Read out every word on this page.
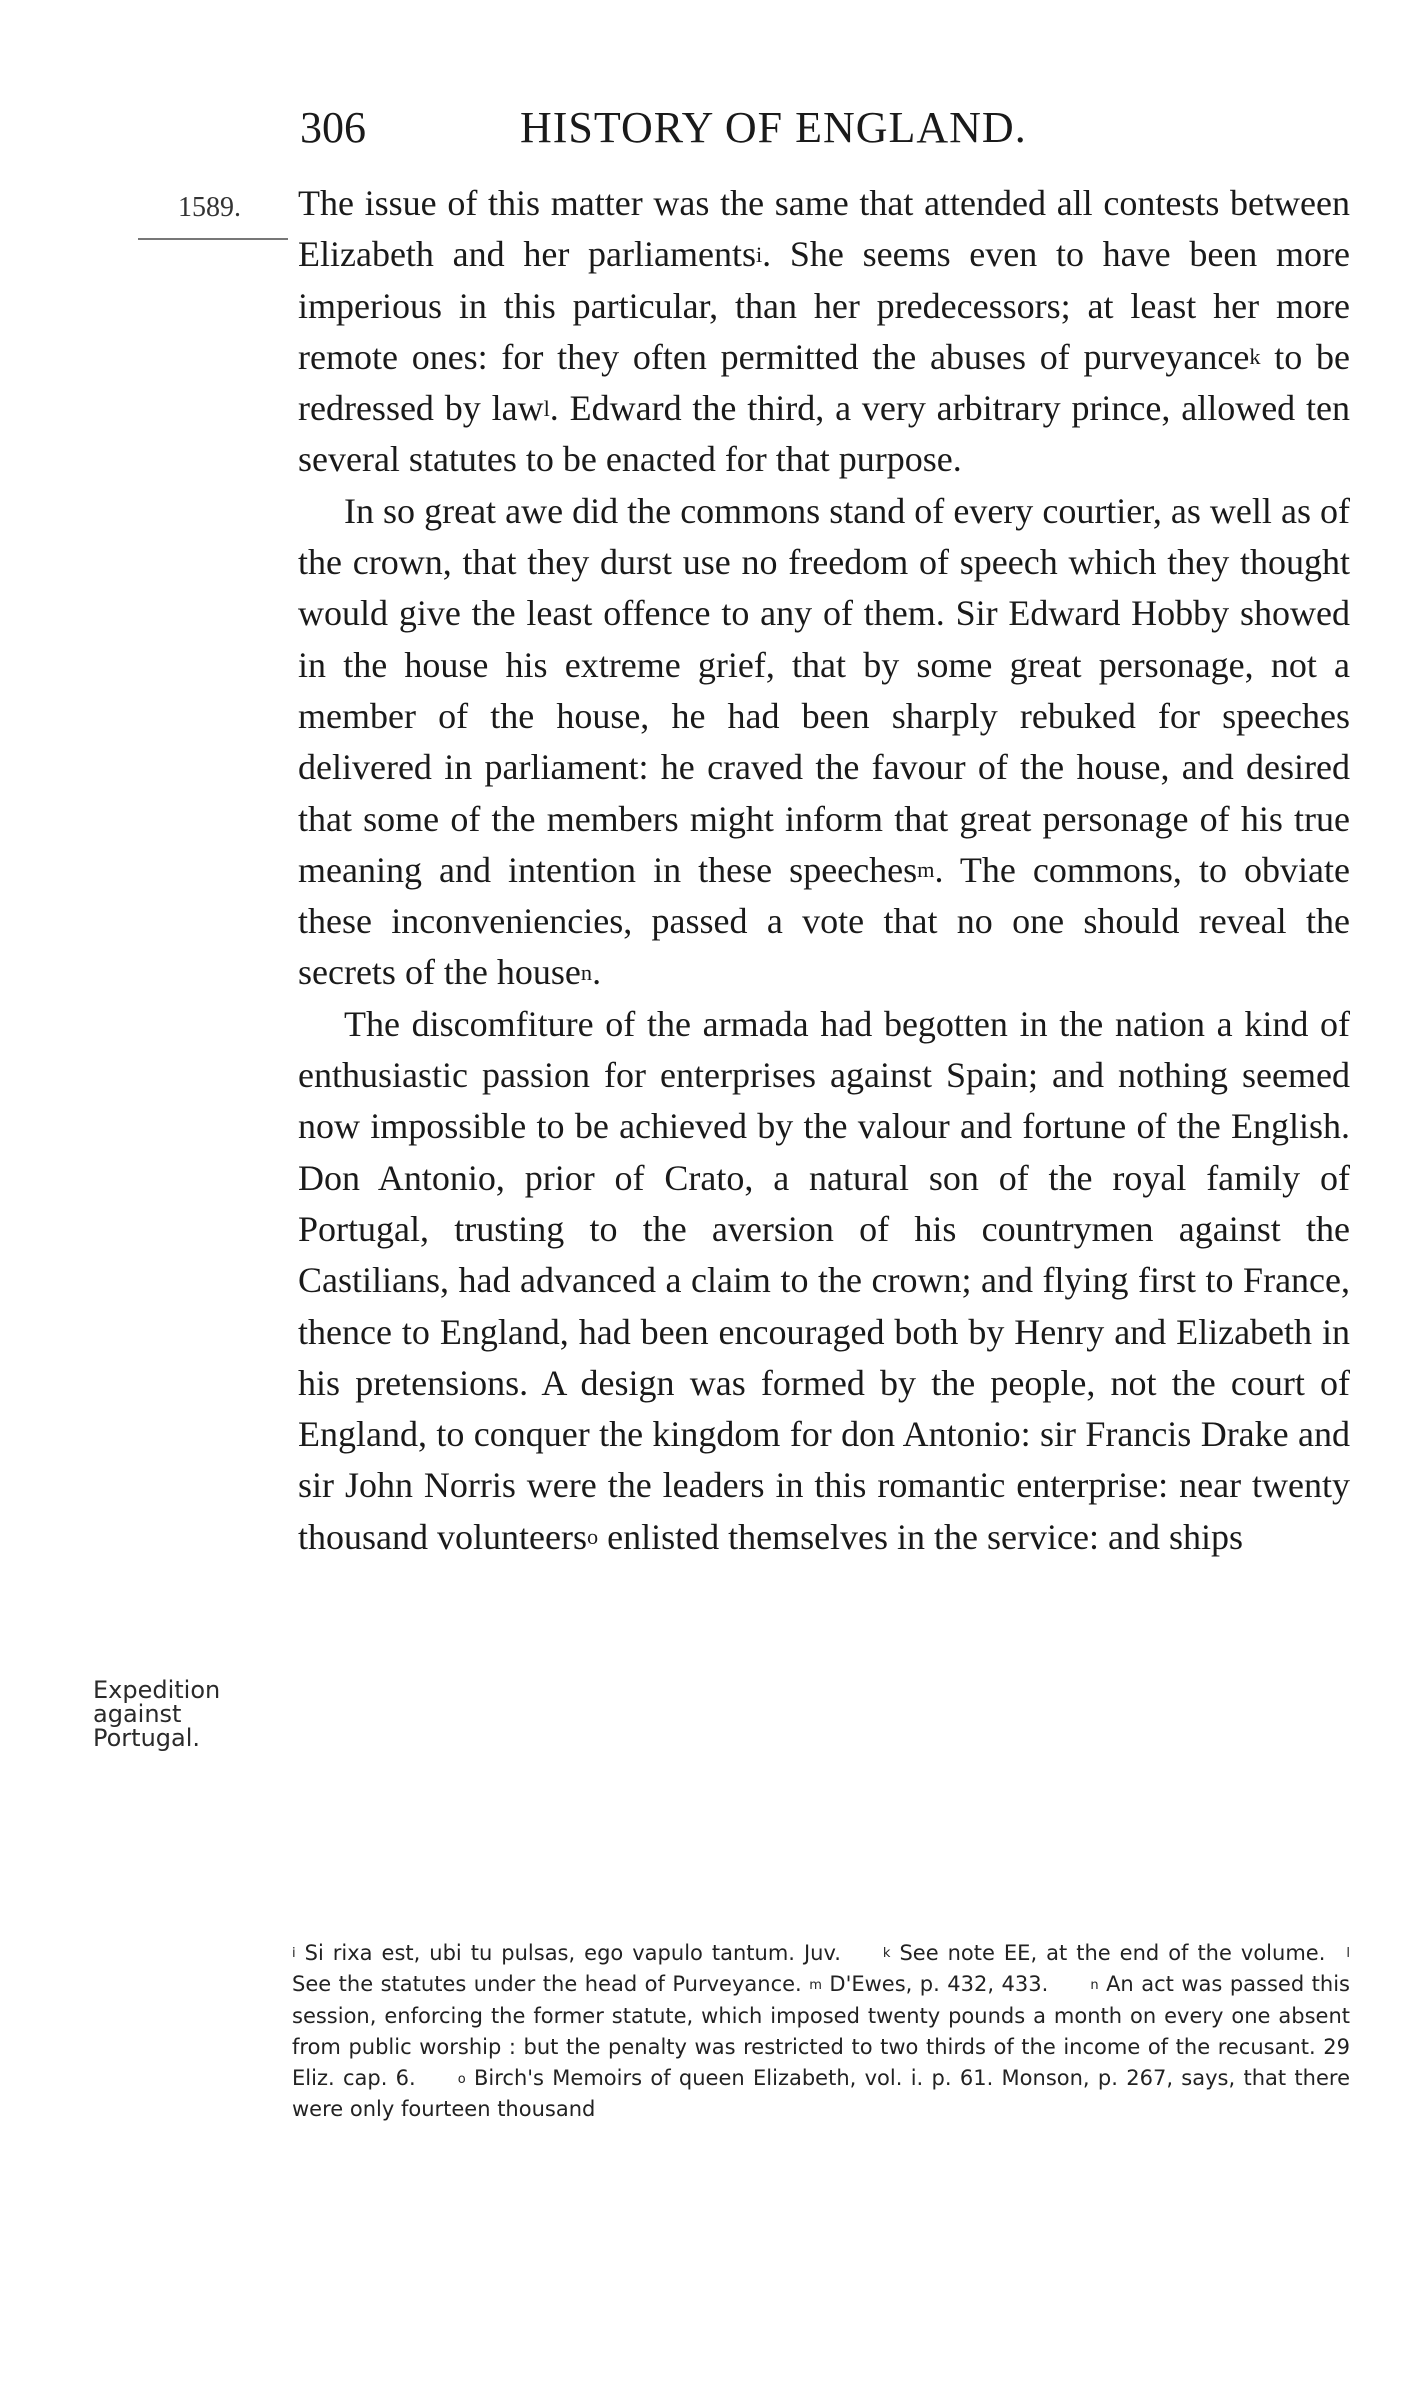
306	HISTORY OF ENGLAND.
1589. The issue of this matter was the same that attended all contests between Elizabeth and her parliaments$^i$. She seems even to have been more imperious in this particular, than her predecessors; at least her more remote ones: for they often permitted the abuses of purveyance$^k$ to be redressed by law$^l$. Edward the third, a very arbitrary prince, allowed ten several statutes to be enacted for that purpose.

In so great awe did the commons stand of every courtier, as well as of the crown, that they durst use no freedom of speech which they thought would give the least offence to any of them. Sir Edward Hobby showed in the house his extreme grief, that by some great personage, not a member of the house, he had been sharply rebuked for speeches delivered in parliament: he craved the favour of the house, and desired that some of the members might inform that great personage of his true meaning and intention in these speeches$^m$. The commons, to obviate these inconveniencies, passed a vote that no one should reveal the secrets of the house$^n$.

The discomfiture of the armada had begotten in the nation a kind of enthusiastic passion for enterprises against Spain; and nothing seemed now impossible to be achieved by the valour and fortune of the English. Don Antonio, prior of Crato, a natural son of the royal family of Portugal, trusting to the aversion of his countrymen against the Castilians, had advanced a claim to the crown; and flying first to France, thence to England, had been encouraged both by Henry and Elizabeth in his pretensions. A design was formed by the people, not the court of England, to conquer the kingdom for don Antonio: sir Francis Drake and sir John Norris were the leaders in this romantic enterprise: near twenty thousand volunteers$^o$ enlisted themselves in the service: and ships

Expedition against Portugal.

$^i$ Si rixa est, ubi tu pulsas, ego vapulo tantum. Juv.  	$^k$ See note EE, at the end of the volume.  $^l$ See the statutes under the head of Purveyance. $^m$ D'Ewes, p. 432, 433.  	$^n$ An act was passed this session, enforcing the former statute, which imposed twenty pounds a month on every one absent from public worship : but the penalty was restricted to two thirds of the income of the recusant. 29 Eliz. cap. 6.  	$^o$ Birch's Memoirs of queen Elizabeth, vol. i. p. 61. Monson, p. 267, says, that there were only fourteen thousand
